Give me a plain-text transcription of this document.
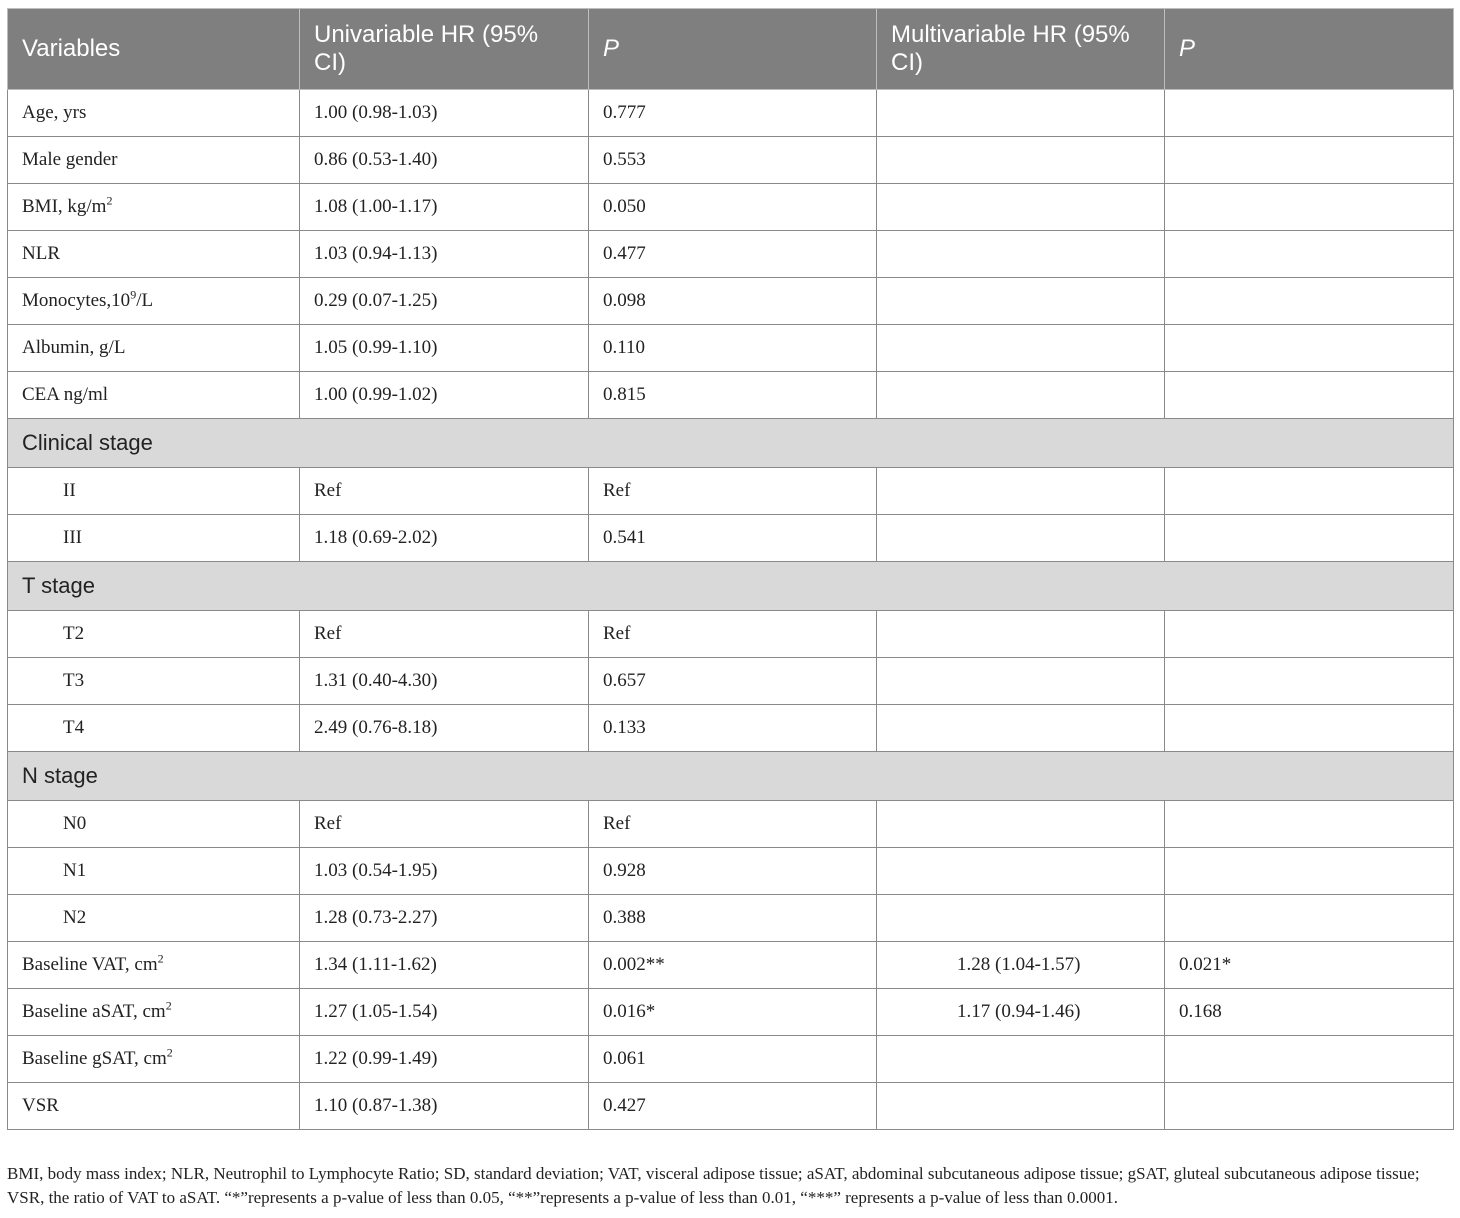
Variables	Univariable HR (95% CI)	P	Multivariable HR (95% CI)	P
Age, yrs	1.00 (0.98-1.03)	0.777		
Male gender	0.86 (0.53-1.40)	0.553		
BMI, $kg/m^2$	1.08 (1.00-1.17)	0.050		
NLR	1.03 (0.94-1.13)	0.477		
$Monocytes,10^9/L$	0.29 (0.07-1.25)	0.098		
Albumin, g/L	1.05 (0.99-1.10)	0.110		
CEA ng/ml	1.00 (0.99-1.02)	0.815		
Clinical stage				
II	Ref	Ref		
III	1.18 (0.69-2.02)	0.541		
T stage				
T2	Ref	Ref		
T3	1.31 (0.40-4.30)	0.657		
T4	2.49 (0.76-8.18)	0.133		
N stage				
N0	Ref	Ref		
N1	1.03 (0.54-1.95)	0.928		
N2	1.28 (0.73-2.27)	0.388		
Baseline VAT, $cm^2$	1.34 (1.11-1.62)	0.002**	1.28 (1.04-1.57)	0.021*
Baseline aSAT, $cm^2$	1.27 (1.05-1.54)	0.016*	1.17 (0.94-1.46)	0.168
Baseline gSAT, $cm^2$	1.22 (0.99-1.49)	0.061		
VSR	1.10 (0.87-1.38)	0.427		
BMI, body mass index; NLR, Neutrophil to Lymphocyte Ratio; SD, standard deviation; VAT, visceral adipose tissue; aSAT, abdominal subcutaneous adipose tissue; gSAT, gluteal subcutaneous adipose tissue; VSR, the ratio of VAT to aSAT. “*”represents a p-value of less than 0.05, “**”represents a p-value of less than 0.01, “***” represents a p-value of less than 0.0001.
